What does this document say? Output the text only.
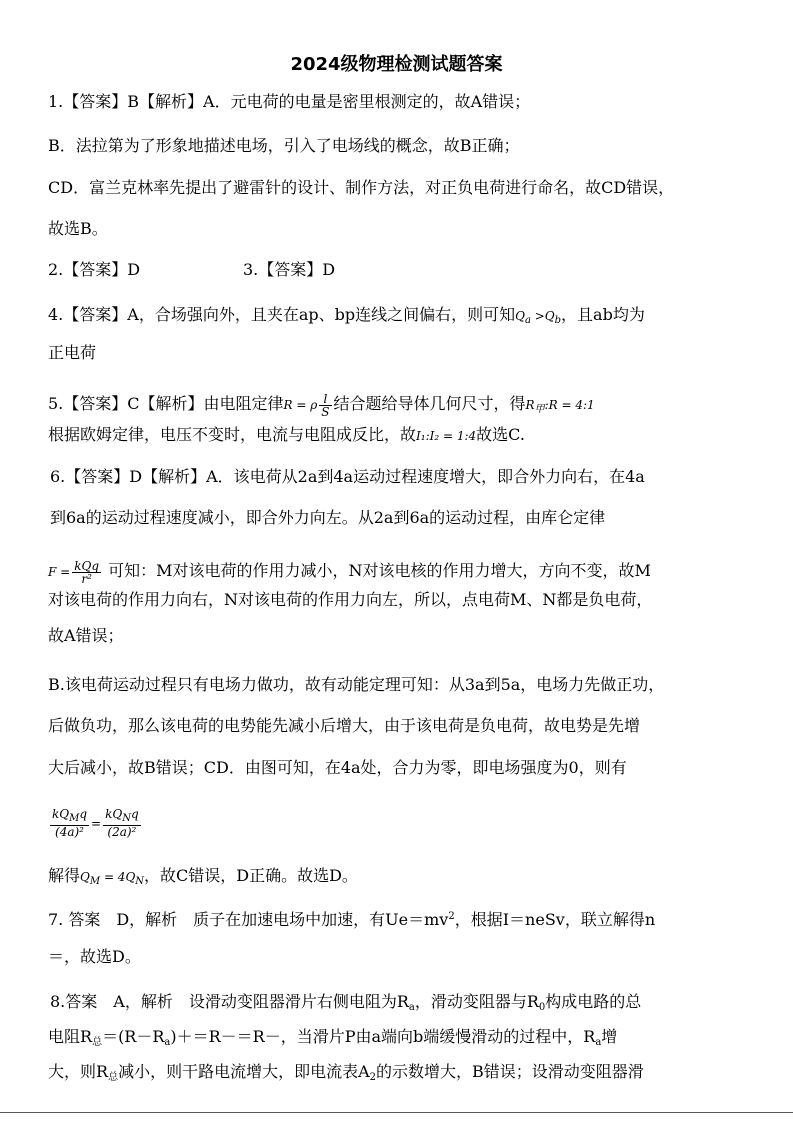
2024级物理检测试题答案
1.【答案】B【解析】A．元电荷的电量是密里根测定的，故A错误；
B．法拉第为了形象地描述电场，引入了电场线的概念，故B正确；
CD．富兰克林率先提出了避雷针的设计、制作方法，对正负电荷进行命名，故CD错误，
故选B。
2.【答案】D	3.【答案】D
4.【答案】A，合场强向外，且夹在ap、bp连线之间偏右，则可知$Q_a >Q_b$，且ab均为
正电荷
5.【答案】C【解析】由电阻定律R = ρ $\frac{l}{S}$ 结合题给导体几何尺寸，得$R_甲:R$ = 4:1
根据欧姆定律，电压不变时，电流与电阻成反比，故I₁:I₂ = 1:4故选C.
6.【答案】D【解析】A．该电荷从2a到4a运动过程速度增大，即合外力向右，在4a
到6a的运动过程速度减小，即合外力向左。从2a到6a的运动过程，由库仑定律
$F = \frac{\text{kQq}}{\text{r²}}$ 可知：M对该电荷的作用力减小，N对该电核的作用力增大，方向不变，故M
对该电荷的作用力向右，N对该电荷的作用力向左，所以，点电荷M、N都是负电荷，
故A错误；
B.该电荷运动过程只有电场力做功，故有动能定理可知：从3a到5a，电场力先做正功，
后做负功，那么该电荷的电势能先减小后增大，由于该电荷是负电荷，故电势是先增
大后减小，故B错误；CD．由图可知，在4a处，合力为零，即电场强度为0，则有
$\frac{kQ_Mq}{\text{(4a)²}} = \frac{kQ_Nq}{\text{(2a)²}}$
解得$Q_M = 4Q_N$，故C错误，D正确。故选D。
7. 答案　D，解析　质子在加速电场中加速，有$Ue=mv^2$，根据I＝neSv，联立解得n
＝，故选D。
8.答案　A，解析　设滑动变阻器滑片右侧电阻为$R_a$，滑动变阻器与$R_0$构成电路的总
电阻$R_总=(R-R_a)+=R-=R-$，当滑片P由a端向b端缓慢滑动的过程中，$R_a$增
大，则$R_总$减小，则干路电流增大，即电流表$A_2$的示数增大，B错误；设滑动变阻器滑
